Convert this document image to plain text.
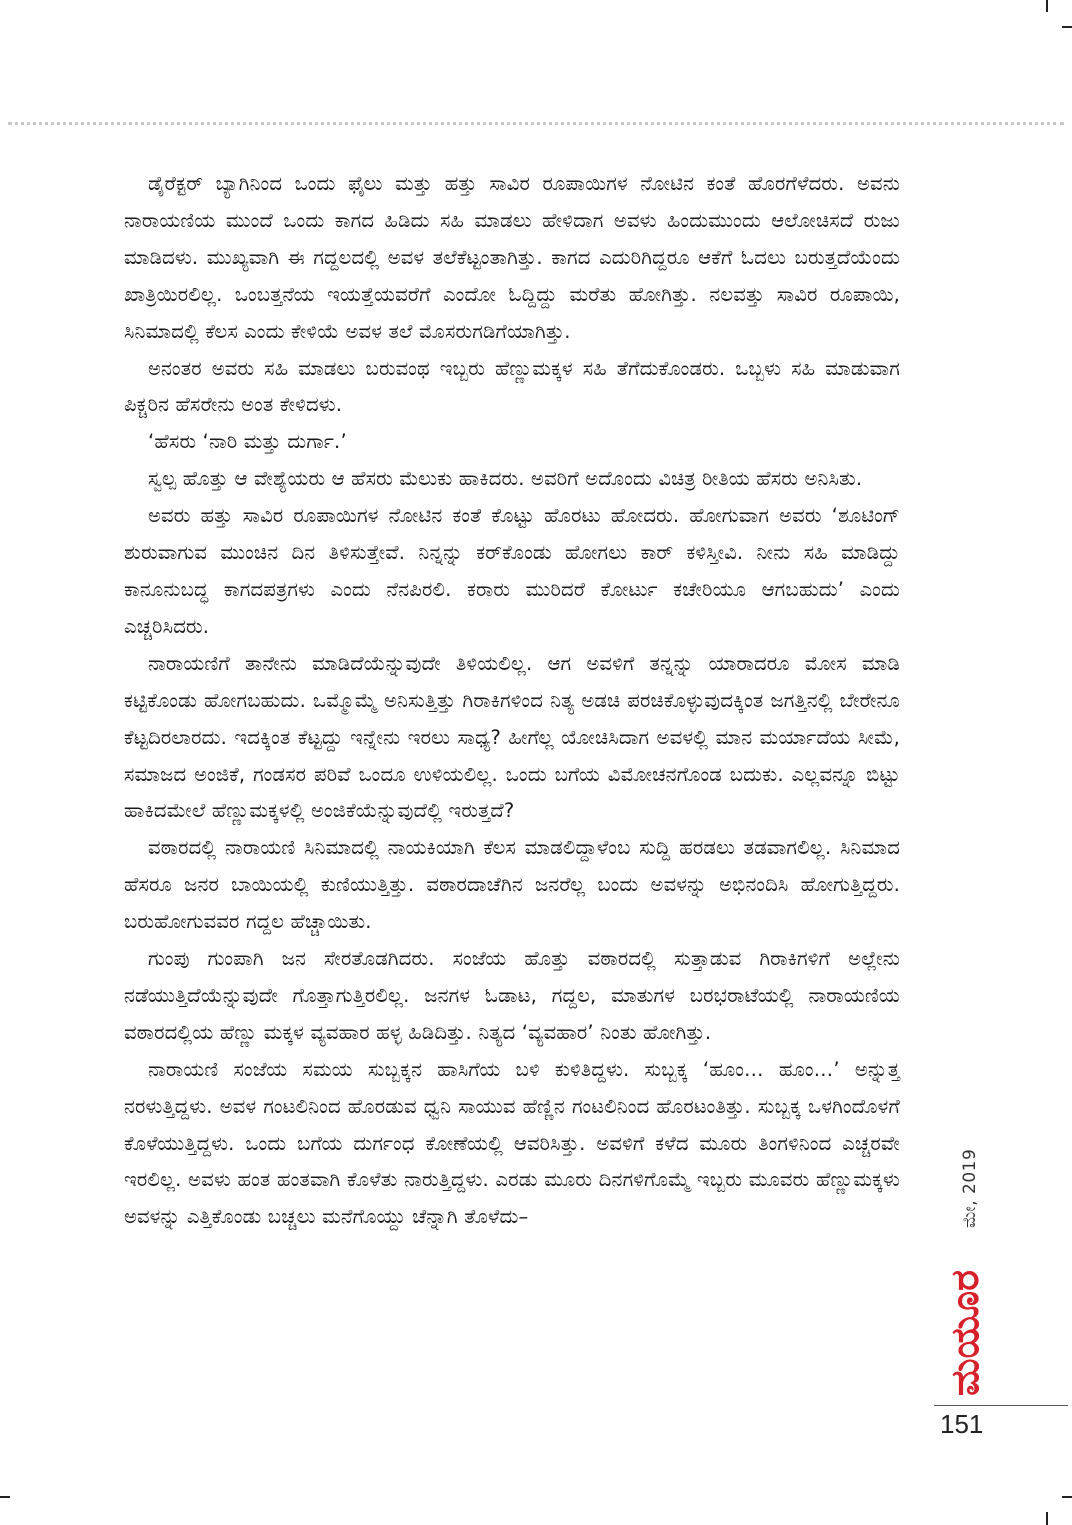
ಡೈರೆಕ್ಟರ್ ಬ್ಯಾಗಿನಿಂದ ಒಂದು ಫೈಲು ಮತ್ತು ಹತ್ತು ಸಾವಿರ ರೂಪಾಯಿಗಳ ನೋಟಿನ ಕಂತೆ ಹೊರಗೆಳೆದರು. ಅವನು ನಾರಾಯಣಿಯ ಮುಂದೆ ಒಂದು ಕಾಗದ ಹಿಡಿದು ಸಹಿ ಮಾಡಲು ಹೇಳಿದಾಗ ಅವಳು ಹಿಂದುಮುಂದು ಆಲೋಚಿಸದೆ ರುಜು ಮಾಡಿದಳು. ಮುಖ್ಯವಾಗಿ ಈ ಗದ್ದಲದಲ್ಲಿ ಅವಳ ತಲೆಕೆಟ್ಟಂತಾಗಿತ್ತು. ಕಾಗದ ಎದುರಿಗಿದ್ದರೂ ಆಕೆಗೆ ಓದಲು ಬರುತ್ತದೆಯೆಂದು ಖಾತ್ರಿಯಿರಲಿಲ್ಲ. ಒಂಬತ್ತನೆಯ ಇಯತ್ತೆಯವರೆಗೆ ಎಂದೋ ಓದ್ದಿದ್ದು ಮರೆತು ಹೋಗಿತ್ತು. ನಲವತ್ತು ಸಾವಿರ ರೂಪಾಯಿ, ಸಿನಿಮಾದಲ್ಲಿ ಕೆಲಸ ಎಂದು ಕೇಳಿಯೆ ಅವಳ ತಲೆ ಮೊಸರುಗಡಿಗೆಯಾಗಿತ್ತು.

ಅನಂತರ ಅವರು ಸಹಿ ಮಾಡಲು ಬರುವಂಥ ಇಬ್ಬರು ಹೆಣ್ಣುಮಕ್ಕಳ ಸಹಿ ತೆಗೆದುಕೊಂಡರು. ಒಬ್ಬಳು ಸಹಿ ಮಾಡುವಾಗ ಪಿಕ್ಚರಿನ ಹೆಸರೇನು ಅಂತ ಕೇಳಿದಳು.

‘ಹೆಸರು ‘ನಾರಿ ಮತ್ತು ದುರ್ಗಾ.’

ಸ್ವಲ್ಪ ಹೊತ್ತು ಆ ವೇಶ್ಯೆಯರು ಆ ಹೆಸರು ಮೆಲುಕು ಹಾಕಿದರು. ಅವರಿಗೆ ಅದೊಂದು ವಿಚಿತ್ರ ರೀತಿಯ ಹೆಸರು ಅನಿಸಿತು.

ಅವರು ಹತ್ತು ಸಾವಿರ ರೂಪಾಯಿಗಳ ನೋಟಿನ ಕಂತೆ ಕೊಟ್ಟು ಹೊರಟು ಹೋದರು. ಹೋಗುವಾಗ ಅವರು ‘ಶೂಟಿಂಗ್ ಶುರುವಾಗುವ ಮುಂಚಿನ ದಿನ ತಿಳಿಸುತ್ತೇವೆ. ನಿನ್ನನ್ನು ಕರ್‌ಕೊಂಡು ಹೋಗಲು ಕಾರ್ ಕಳಿಸ್ತೀವಿ. ನೀನು ಸಹಿ ಮಾಡಿದ್ದು ಕಾನೂನುಬದ್ಧ ಕಾಗದಪತ್ರಗಳು ಎಂದು ನೆನಪಿರಲಿ. ಕರಾರು ಮುರಿದರೆ ಕೋರ್ಟು ಕಚೇರಿಯೂ ಆಗಬಹುದು’ ಎಂದು ಎಚ್ಚರಿಸಿದರು.

ನಾರಾಯಣಿಗೆ ತಾನೇನು ಮಾಡಿದೆಯೆನ್ನುವುದೇ ತಿಳಿಯಲಿಲ್ಲ. ಆಗ ಅವಳಿಗೆ ತನ್ನನ್ನು ಯಾರಾದರೂ ಮೋಸ ಮಾಡಿ ಕಟ್ಟಿಕೊಂಡು ಹೋಗಬಹುದು. ಒಮ್ಮೊಮ್ಮೆ ಅನಿಸುತ್ತಿತ್ತು ಗಿರಾಕಿಗಳಿಂದ ನಿತ್ಯ ಅಡಚಿ ಪರಚಿಕೊಳ್ಳುವುದಕ್ಕಿಂತ ಜಗತ್ತಿನಲ್ಲಿ ಬೇರೇನೂ ಕೆಟ್ಟದಿರಲಾರದು. ಇದಕ್ಕಿಂತ ಕೆಟ್ಟದ್ದು ಇನ್ನೇನು ಇರಲು ಸಾಧ್ಯ? ಹೀಗೆಲ್ಲ ಯೋಚಿಸಿದಾಗ ಅವಳಲ್ಲಿ ಮಾನ ಮರ್ಯಾದೆಯ ಸೀಮೆ, ಸಮಾಜದ ಅಂಜಿಕೆ, ಗಂಡಸರ ಪರಿವೆ ಒಂದೂ ಉಳಿಯಲಿಲ್ಲ. ಒಂದು ಬಗೆಯ ವಿಮೋಚನಗೊಂಡ ಬದುಕು. ಎಲ್ಲವನ್ನೂ ಬಿಟ್ಟು ಹಾಕಿದಮೇಲೆ ಹೆಣ್ಣುಮಕ್ಕಳಲ್ಲಿ ಅಂಜಿಕೆಯೆನ್ನುವುದೆಲ್ಲಿ ಇರುತ್ತದೆ?

ವಠಾರದಲ್ಲಿ ನಾರಾಯಣಿ ಸಿನಿಮಾದಲ್ಲಿ ನಾಯಕಿಯಾಗಿ ಕೆಲಸ ಮಾಡಲಿದ್ದಾಳೆಂಬ ಸುದ್ದಿ ಹರಡಲು ತಡವಾಗಲಿಲ್ಲ. ಸಿನಿಮಾದ ಹೆಸರೂ ಜನರ ಬಾಯಿಯಲ್ಲಿ ಕುಣಿಯುತ್ತಿತ್ತು. ವಠಾರದಾಚೆಗಿನ ಜನರೆಲ್ಲ ಬಂದು ಅವಳನ್ನು ಅಭಿನಂದಿಸಿ ಹೋಗುತ್ತಿದ್ದರು. ಬರುಹೋಗುವವರ ಗದ್ದಲ ಹೆಚ್ಚಾಯಿತು.

ಗುಂಪು ಗುಂಪಾಗಿ ಜನ ಸೇರತೊಡಗಿದರು. ಸಂಜೆಯ ಹೊತ್ತು ವಠಾರದಲ್ಲಿ ಸುತ್ತಾಡುವ ಗಿರಾಕಿಗಳಿಗೆ ಅಲ್ಲೇನು ನಡೆಯುತ್ತಿದೆಯೆನ್ನುವುದೇ ಗೊತ್ತಾಗುತ್ತಿರಲಿಲ್ಲ. ಜನಗಳ ಓಡಾಟ, ಗದ್ದಲ, ಮಾತುಗಳ ಬರಭರಾಟೆಯಲ್ಲಿ ನಾರಾಯಣಿಯ ವಠಾರದಲ್ಲಿಯ ಹೆಣ್ಣು ಮಕ್ಕಳ ವ್ಯವಹಾರ ಹಳ್ಳ ಹಿಡಿದಿತ್ತು. ನಿತ್ಯದ ‘ವ್ಯವಹಾರ’ ನಿಂತು ಹೋಗಿತ್ತು.

ನಾರಾಯಣಿ ಸಂಜೆಯ ಸಮಯ ಸುಬ್ಬಕ್ಕನ ಹಾಸಿಗೆಯ ಬಳಿ ಕುಳಿತಿದ್ದಳು. ಸುಬ್ಬಕ್ಕ ‘ಹೂಂ… ಹೂಂ…’ ಅನ್ನುತ್ತ ನರಳುತ್ತಿದ್ದಳು. ಅವಳ ಗಂಟಲಿನಿಂದ ಹೊರಡುವ ಧ್ವನಿ ಸಾಯುವ ಹೆಣ್ಣಿನ ಗಂಟಲಿನಿಂದ ಹೊರಟಂತಿತ್ತು. ಸುಬ್ಬಕ್ಕ ಒಳಗಿಂದೊಳಗೆ ಕೊಳೆಯುತ್ತಿದ್ದಳು. ಒಂದು ಬಗೆಯ ದುರ್ಗಂಧ ಕೋಣೆಯಲ್ಲಿ ಆವರಿಸಿತ್ತು. ಅವಳಿಗೆ ಕಳೆದ ಮೂರು ತಿಂಗಳಿನಿಂದ ಎಚ್ಚರವೇ ಇರಲಿಲ್ಲ. ಅವಳು ಹಂತ ಹಂತವಾಗಿ ಕೊಳೆತು ನಾರುತ್ತಿದ್ದಳು. ಎರಡು ಮೂರು ದಿನಗಳಿಗೊಮ್ಮೆ ಇಬ್ಬರು ಮೂವರು ಹೆಣ್ಣುಮಕ್ಕಳು ಅವಳನ್ನು ಎತ್ತಿಕೊಂಡು ಬಚ್ಚಲು ಮನೆಗೊಯ್ದು ಚೆನ್ನಾಗಿ ತೊಳೆದು–	ಮೇ, 2019
ಮಯೂರ
151
